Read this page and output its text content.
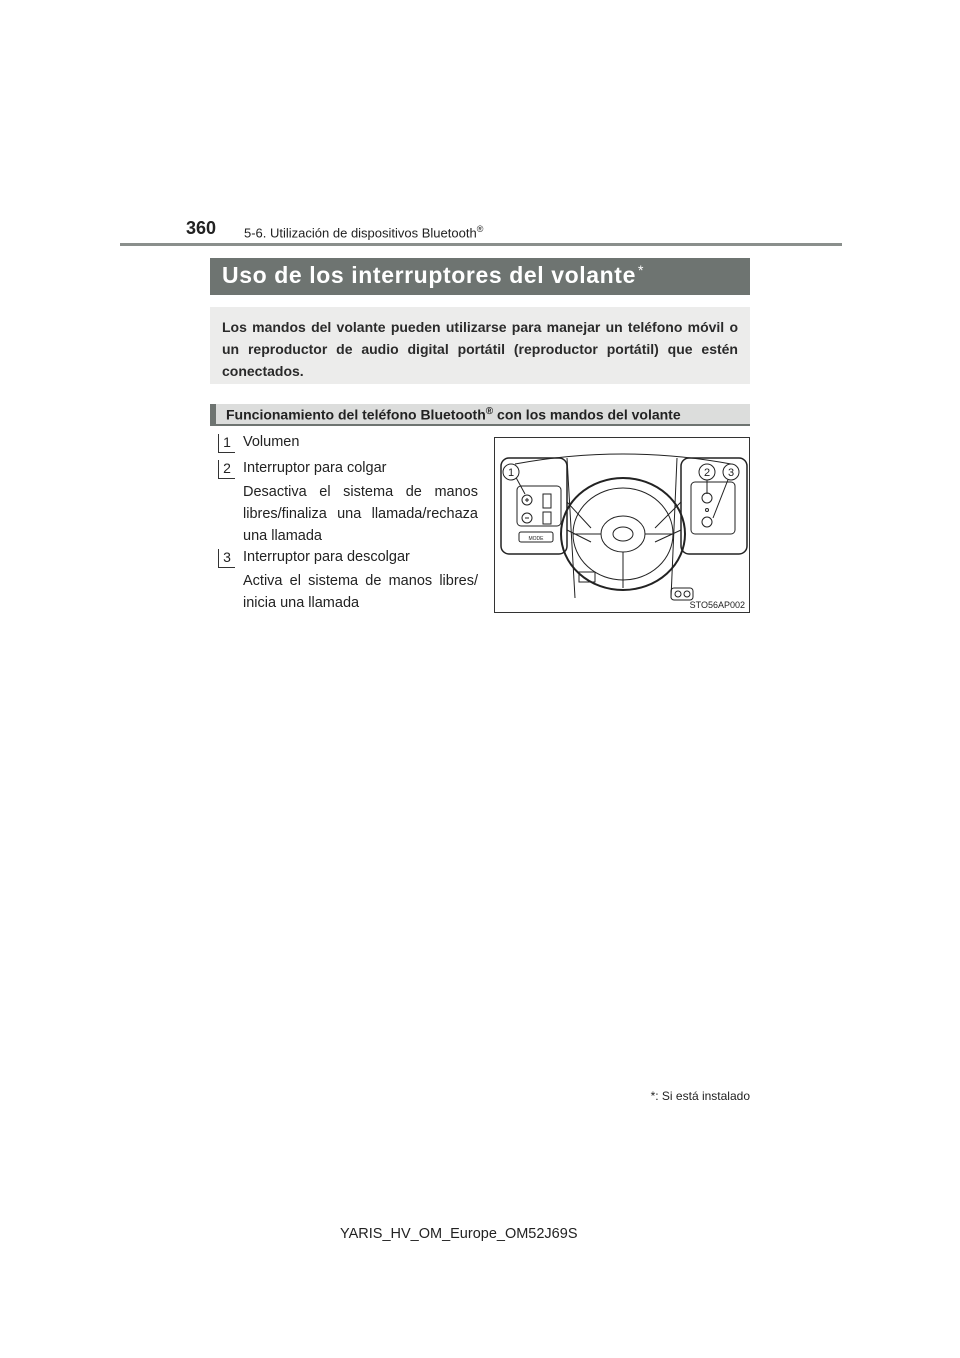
360 5-6. Utilización de dispositivos Bluetooth®
Uso de los interruptores del volante *
Los mandos del volante pueden utilizarse para manejar un teléfono móvil o un reproductor de audio digital portátil (reproductor portátil) que estén conectados.
Funcionamiento del teléfono Bluetooth® con los mandos del volante
1 Volumen
2 Interruptor para colgar
Desactiva el sistema de manos libres/finaliza una llamada/rechaza una llamada
3 Interruptor para descolgar
Activa el sistema de manos libres/ inicia una llamada
1	2 3
MODE
STO56AP002
*: Si está instalado
YARIS_HV_OM_Europe_OM52J69S
